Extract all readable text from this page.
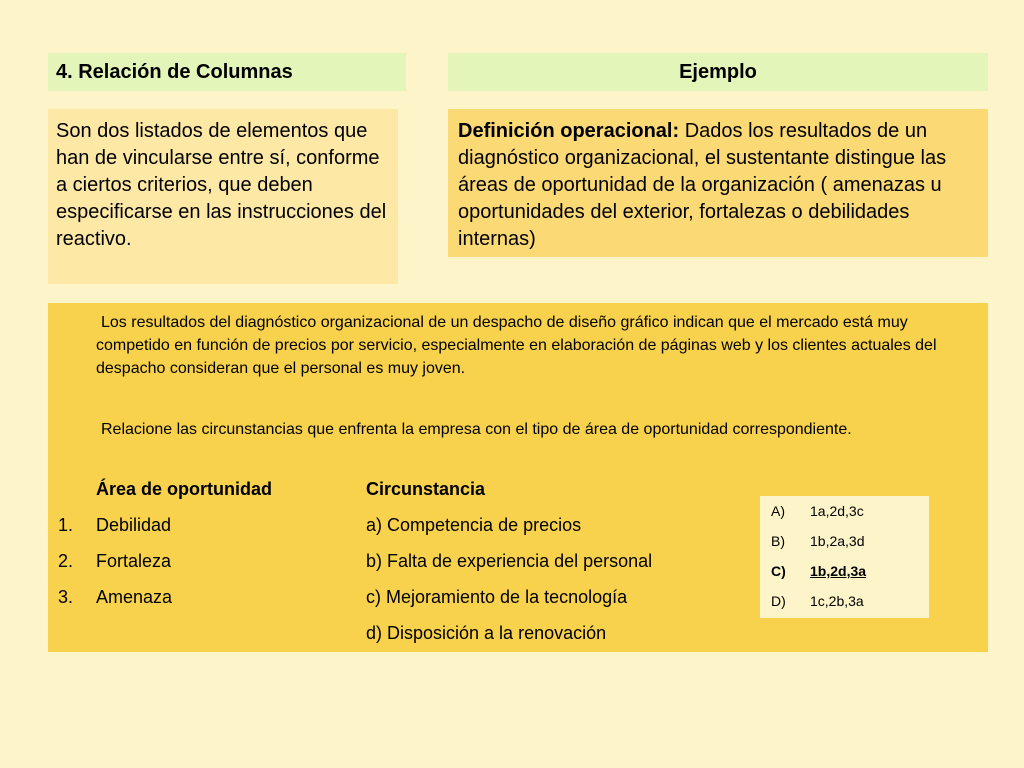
4. Relación de Columnas	Ejemplo
Son dos listados de elementos que han de vincularse entre sí, conforme a ciertos criterios, que deben especificarse en las instrucciones del reactivo.
Definición operacional: Dados los resultados de un diagnóstico organizacional, el sustentante distingue las áreas de oportunidad de la organización ( amenazas u oportunidades del exterior, fortalezas o debilidades internas)
Los resultados del diagnóstico organizacional de un despacho de diseño gráfico indican que el mercado está muy competido en función de precios por servicio, especialmente en elaboración de páginas web y los clientes actuales del despacho consideran que el personal es muy joven.
Relacione las circunstancias que enfrenta la empresa con el tipo de área de oportunidad correspondiente.
Área de oportunidad	Circunstancia
1. Debilidad
2. Fortaleza
3. Amenaza
a) Competencia de precios
b) Falta de experiencia del personal
c) Mejoramiento de la tecnología
d) Disposición a la renovación
A) 1a,2d,3c
B) 1b,2a,3d
C) 1b,2d,3a
D) 1c,2b,3a
